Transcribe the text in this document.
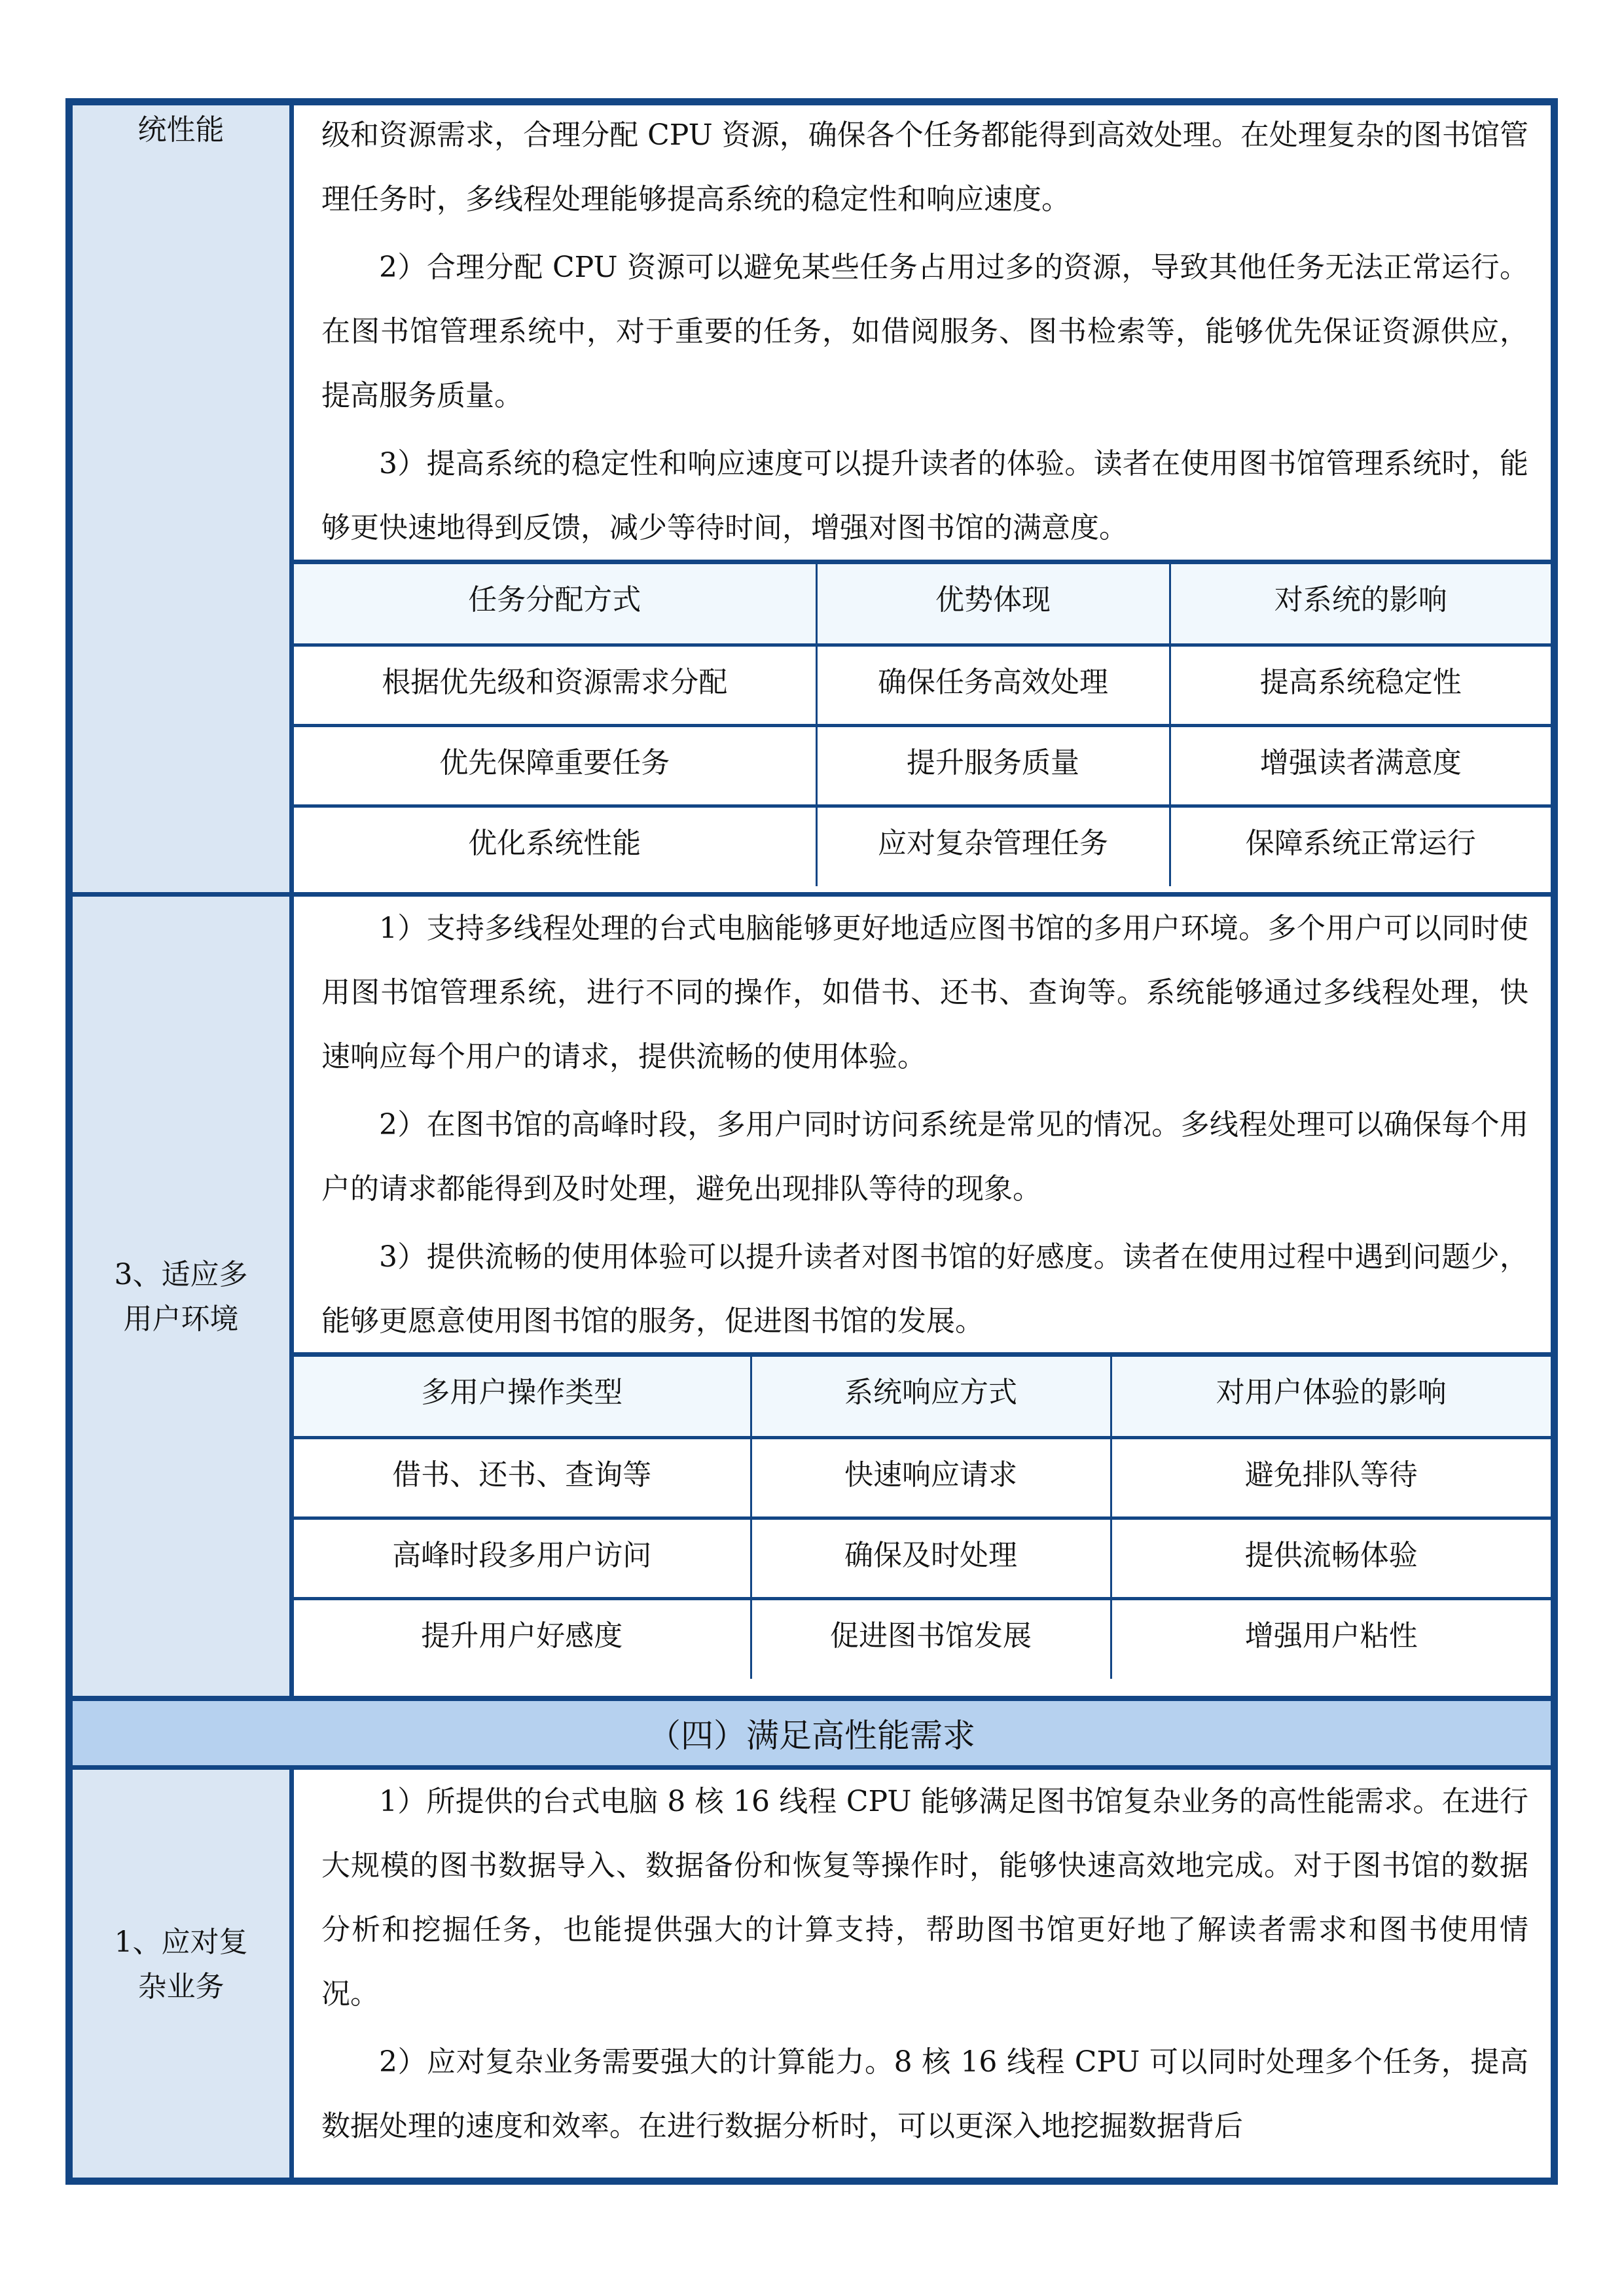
统性能	级和资源需求，合理分配 CPU 资源，确保各个任务都能得到高效处理。在处理复杂的图书馆管理任务时，多线程处理能够提高系统的稳定性和响应速度。

2）合理分配 CPU 资源可以避免某些任务占用过多的资源，导致其他任务无法正常运行。在图书馆管理系统中，对于重要的任务，如借阅服务、图书检索等，能够优先保证资源供应，提高服务质量。

3）提高系统的稳定性和响应速度可以提升读者的体验。读者在使用图书馆管理系统时，能够更快速地得到反馈，减少等待时间，增强对图书馆的满意度。

任务分配方式	优势体现	对系统的影响
根据优先级和资源需求分配	确保任务高效处理	提高系统稳定性
优先保障重要任务	提升服务质量	增强读者满意度
优化系统性能	应对复杂管理任务	保障系统正常运行
3、适应多用户环境

1）支持多线程处理的台式电脑能够更好地适应图书馆的多用户环境。多个用户可以同时使用图书馆管理系统，进行不同的操作，如借书、还书、查询等。系统能够通过多线程处理，快速响应每个用户的请求，提供流畅的使用体验。

2）在图书馆的高峰时段，多用户同时访问系统是常见的情况。多线程处理可以确保每个用户的请求都能得到及时处理，避免出现排队等待的现象。

3）提供流畅的使用体验可以提升读者对图书馆的好感度。读者在使用过程中遇到问题少，能够更愿意使用图书馆的服务，促进图书馆的发展。

多用户操作类型	系统响应方式	对用户体验的影响
借书、还书、查询等	快速响应请求	避免排队等待
高峰时段多用户访问	确保及时处理	提供流畅体验
提升用户好感度	促进图书馆发展	增强用户粘性
（四）满足高性能需求
1、应对复杂业务

1）所提供的台式电脑 8 核 16 线程 CPU 能够满足图书馆复杂业务的高性能需求。在进行大规模的图书数据导入、数据备份和恢复等操作时，能够快速高效地完成。对于图书馆的数据分析和挖掘任务，也能提供强大的计算支持，帮助图书馆更好地了解读者需求和图书使用情况。

2）应对复杂业务需要强大的计算能力。8 核 16 线程 CPU 可以同时处理多个任务，提高数据处理的速度和效率。在进行数据分析时，可以更深入地挖掘数据背后
